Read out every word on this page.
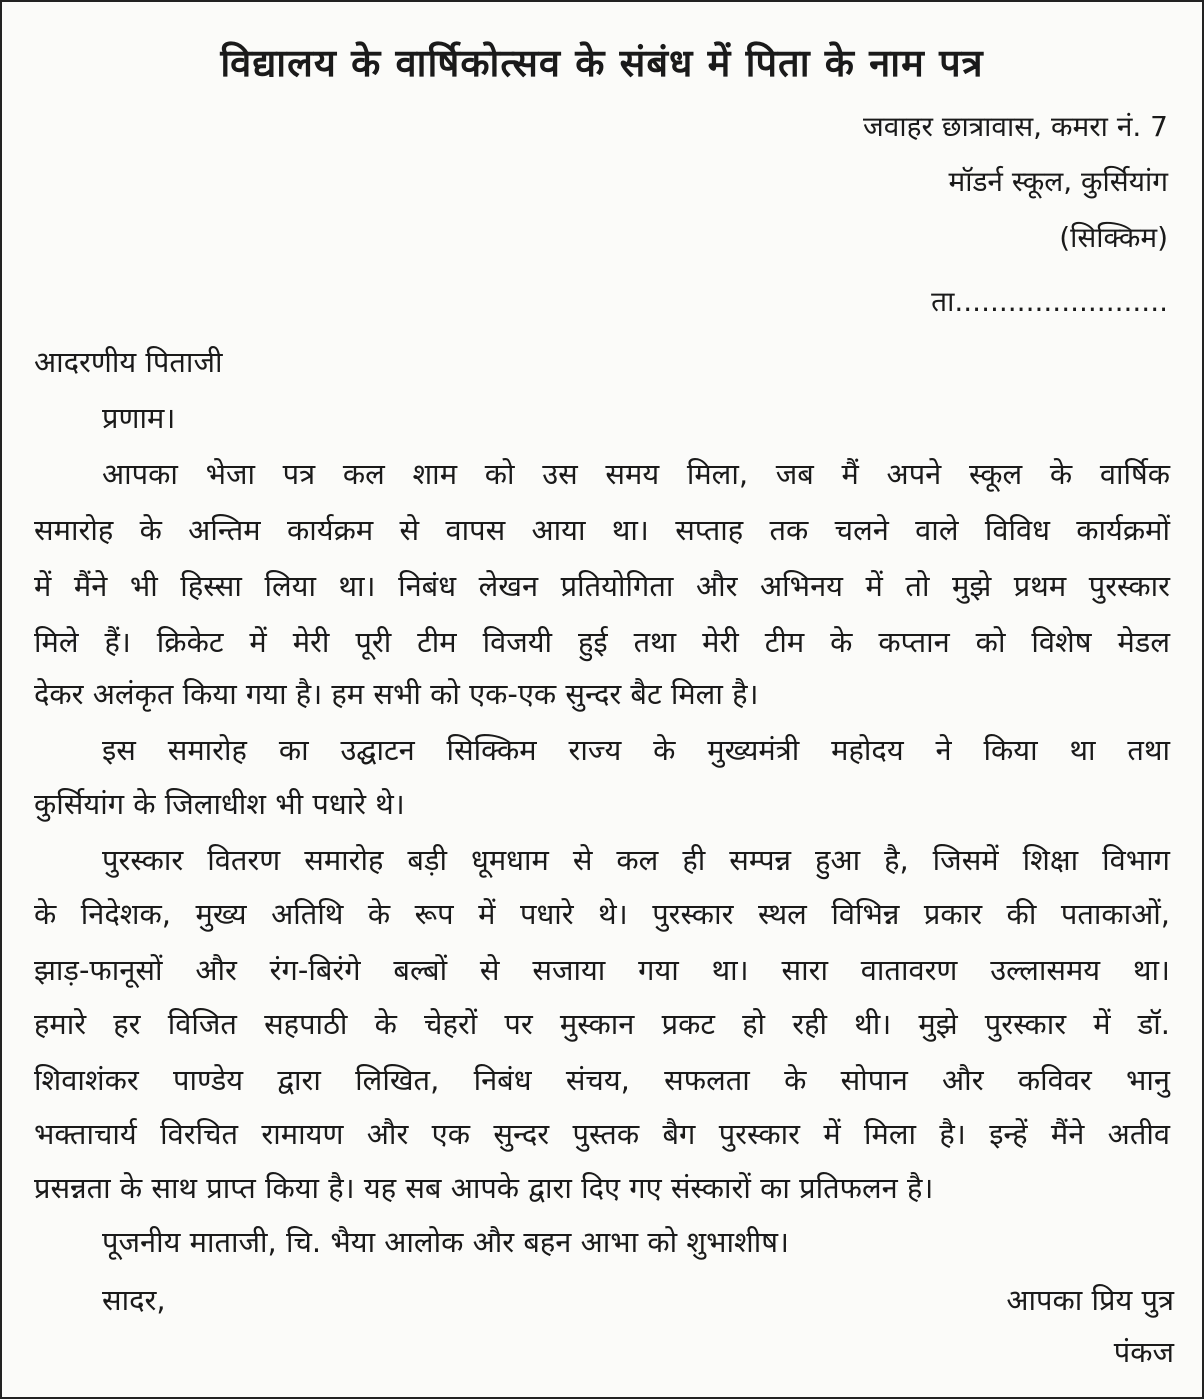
विद्यालय के वार्षिकोत्सव के संबंध में पिता के नाम पत्र
जवाहर छात्रावास, कमरा नं. 7
मॉडर्न स्कूल, कुर्सियांग
(सिक्किम)
ता........................
आदरणीय पिताजी
प्रणाम।
आपका भेजा पत्र कल शाम को उस समय मिला, जब मैं अपने स्कूल के वार्षिक
समारोह के अन्तिम कार्यक्रम से वापस आया था। सप्ताह तक चलने वाले विविध कार्यक्रमों
में मैंने भी हिस्सा लिया था। निबंध लेखन प्रतियोगिता और अभिनय में तो मुझे प्रथम पुरस्कार
मिले हैं। क्रिकेट में मेरी पूरी टीम विजयी हुई तथा मेरी टीम के कप्तान को विशेष मेडल
देकर अलंकृत किया गया है। हम सभी को एक-एक सुन्दर बैट मिला है।
इस समारोह का उद्घाटन सिक्किम राज्य के मुख्यमंत्री महोदय ने किया था तथा
कुर्सियांग के जिलाधीश भी पधारे थे।
पुरस्कार वितरण समारोह बड़ी धूमधाम से कल ही सम्पन्न हुआ है, जिसमें शिक्षा विभाग
के निदेशक, मुख्य अतिथि के रूप में पधारे थे। पुरस्कार स्थल विभिन्न प्रकार की पताकाओं,
झाड़-फानूसों और रंग-बिरंगे बल्बों से सजाया गया था। सारा वातावरण उल्लासमय था।
हमारे हर विजित सहपाठी के चेहरों पर मुस्कान प्रकट हो रही थी। मुझे पुरस्कार में डॉ.
शिवाशंकर पाण्डेय द्वारा लिखित, निबंध संचय, सफलता के सोपान और कविवर भानु
भक्ताचार्य विरचित रामायण और एक सुन्दर पुस्तक बैग पुरस्कार में मिला है। इन्हें मैंने अतीव
प्रसन्नता के साथ प्राप्त किया है। यह सब आपके द्वारा दिए गए संस्कारों का प्रतिफलन है।
पूजनीय माताजी, चि. भैया आलोक और बहन आभा को शुभाशीष।
सादर,	आपका प्रिय पुत्र
पंकज
